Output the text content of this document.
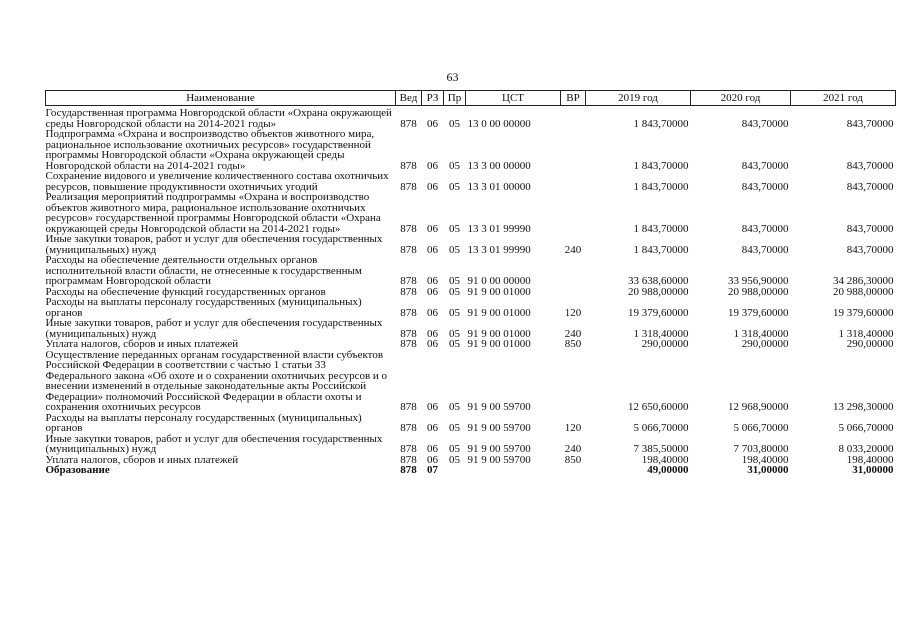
63
Наименование	Вед	РЗ	Пр	ЦСТ	ВР	2019 год	2020 год	2021 год
Государственная программа Новгородской области «Охрана окружающей среды Новгородской области на 2014-2021 годы»	878	06	05	13 0 00 00000		1 843,70000	843,70000	843,70000
Подпрограмма «Охрана и воспроизводство объектов животного мира, рациональное использование охотничьих ресурсов» государственной программы Новгородской области «Охрана окружающей среды Новгородской области на 2014-2021 годы»	878	06	05	13 3 00 00000		1 843,70000	843,70000	843,70000
Сохранение видового и увеличение количественного состава охотничьих ресурсов, повышение продуктивности охотничьих угодий	878	06	05	13 3 01 00000		1 843,70000	843,70000	843,70000
Реализация мероприятий подпрограммы «Охрана и воспроизводство объектов животного мира, рациональное использование охотничьих ресурсов» государственной программы Новгородской области «Охрана окружающей среды Новгородской области на 2014-2021 годы»	878	06	05	13 3 01 99990		1 843,70000	843,70000	843,70000
Иные закупки товаров, работ и услуг для обеспечения государственных (муниципальных) нужд	878	06	05	13 3 01 99990	240	1 843,70000	843,70000	843,70000
Расходы на обеспечение деятельности отдельных органов исполнительной власти области, не отнесенные к государственным программам Новгородской области	878	06	05	91 0 00 00000		33 638,60000	33 956,90000	34 286,30000
Расходы на обеспечение функций государственных органов	878	06	05	91 9 00 01000		20 988,00000	20 988,00000	20 988,00000
Расходы на выплаты персоналу государственных (муниципальных) органов	878	06	05	91 9 00 01000	120	19 379,60000	19 379,60000	19 379,60000
Иные закупки товаров, работ и услуг для обеспечения государственных (муниципальных) нужд	878	06	05	91 9 00 01000	240	1 318,40000	1 318,40000	1 318,40000
Уплата налогов, сборов и иных платежей	878	06	05	91 9 00 01000	850	290,00000	290,00000	290,00000
Осуществление переданных органам государственной власти субъектов Российской Федерации в соответствии с частью 1 статьи 33 Федерального закона «Об охоте и о сохранении охотничьих ресурсов и о внесении изменений в отдельные законодательные акты Российской Федерации» полномочий Российской Федерации в области охоты и сохранения охотничьих ресурсов	878	06	05	91 9 00 59700		12 650,60000	12 968,90000	13 298,30000
Расходы на выплаты персоналу государственных (муниципальных) органов	878	06	05	91 9 00 59700	120	5 066,70000	5 066,70000	5 066,70000
Иные закупки товаров, работ и услуг для обеспечения государственных (муниципальных) нужд	878	06	05	91 9 00 59700	240	7 385,50000	7 703,80000	8 033,20000
Уплата налогов, сборов и иных платежей	878	06	05	91 9 00 59700	850	198,40000	198,40000	198,40000
Образование	878	07				49,00000	31,00000	31,00000
